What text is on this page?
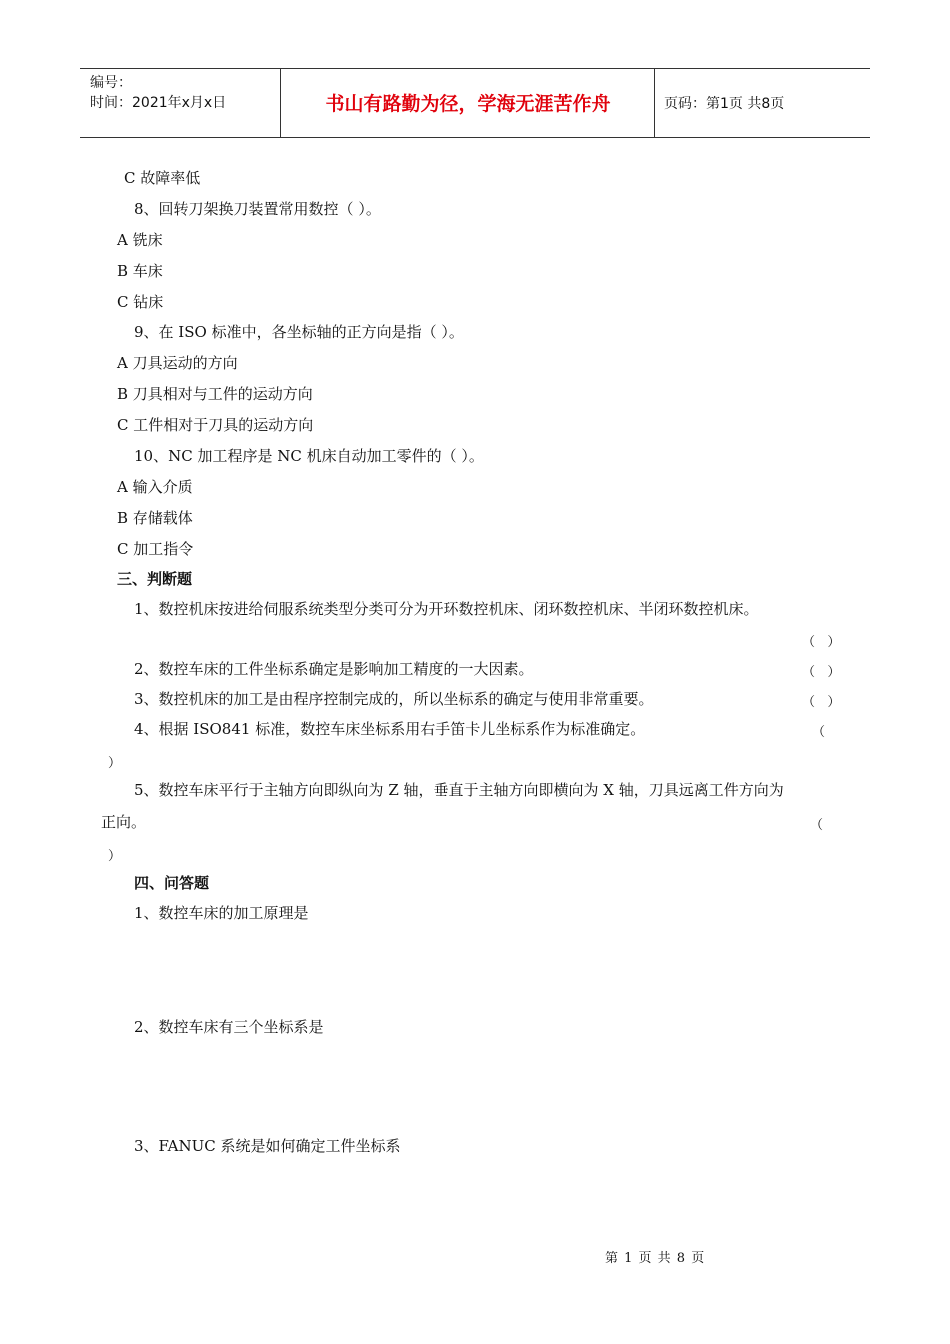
编号：
时间：2021年x月x日	书山有路勤为径，学海无涯苦作舟	页码：第1页 共8页
C 故障率低
8、回转刀架换刀装置常用数控（ ）。
A 铣床
B 车床
C 钻床
9、在 ISO 标准中，各坐标轴的正方向是指（ ）。
A 刀具运动的方向
B 刀具相对与工件的运动方向
C 工件相对于刀具的运动方向
10、NC 加工程序是 NC 机床自动加工零件的（ ）。
A 输入介质
B 存储载体
C 加工指令
三、判断题
1、数控机床按进给伺服系统类型分类可分为开环数控机床、闭环数控机床、半闭环数控机床。
（   ）
2、数控车床的工件坐标系确定是影响加工精度的一大因素。	（   ）
3、数控机床的加工是由程序控制完成的，所以坐标系的确定与使用非常重要。	（   ）
4、根据 ISO841 标准，数控车床坐标系用右手笛卡儿坐标系作为标准确定。	（
）
5、数控车床平行于主轴方向即纵向为 Z 轴，垂直于主轴方向即横向为 X 轴，刀具远离工件方向为
正向。	（
）
四、问答题
1、数控车床的加工原理是
2、数控车床有三个坐标系是
3、FANUC 系统是如何确定工件坐标系
第 1 页 共 8 页
